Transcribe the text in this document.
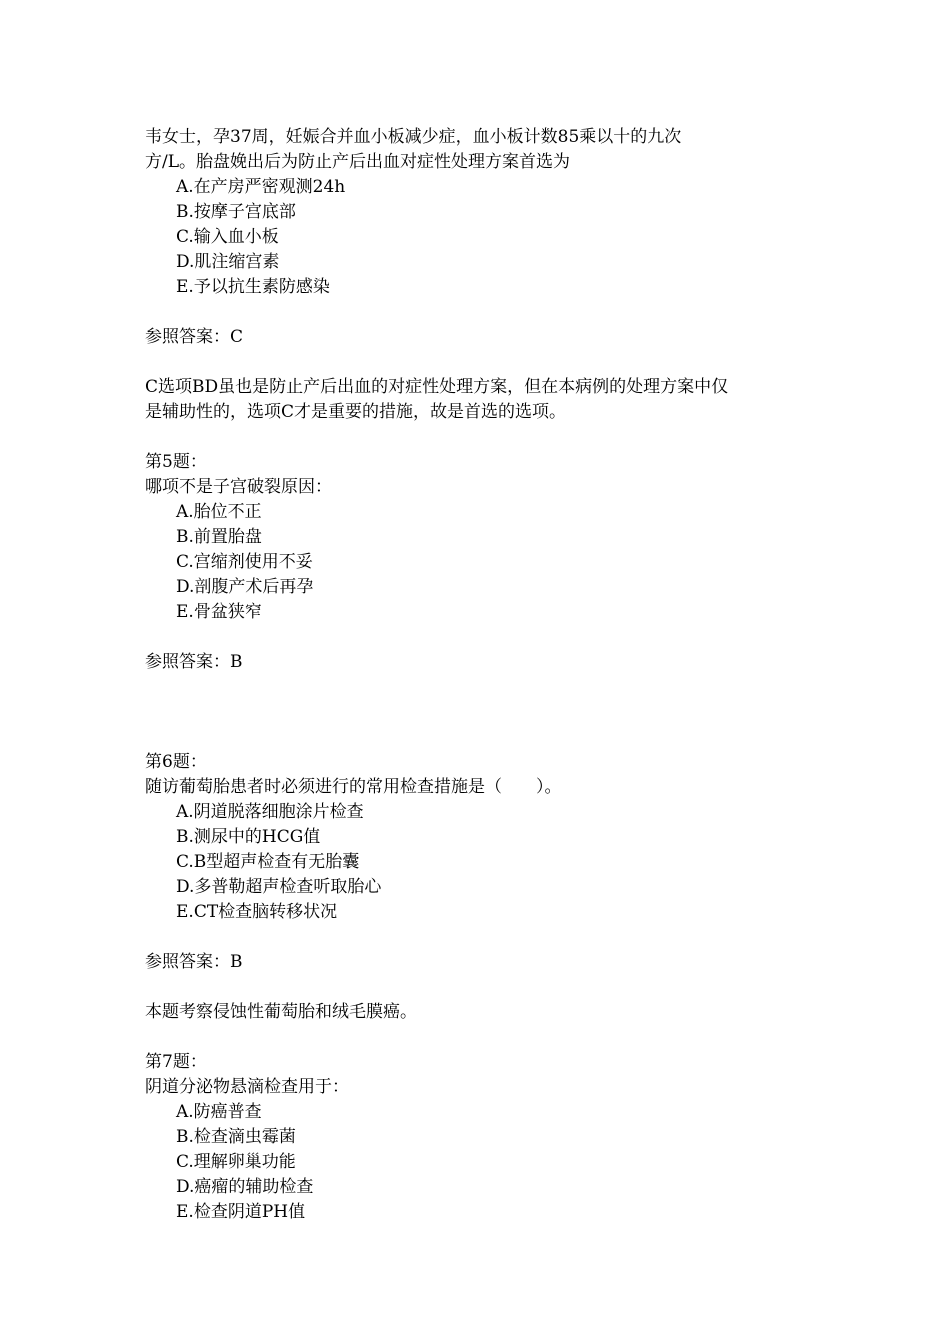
韦女士，孕37周，妊娠合并血小板减少症，血小板计数85乘以十的九次
方/L。胎盘娩出后为防止产后出血对症性处理方案首选为
A.在产房严密观测24h
B.按摩子宫底部
C.输入血小板
D.肌注缩宫素
E.予以抗生素防感染
参照答案：C
C选项BD虽也是防止产后出血的对症性处理方案，但在本病例的处理方案中仅
是辅助性的，选项C才是重要的措施，故是首选的选项。
第5题：
哪项不是子宫破裂原因：
A.胎位不正
B.前置胎盘
C.宫缩剂使用不妥
D.剖腹产术后再孕
E.骨盆狭窄
参照答案：B
第6题：
随访葡萄胎患者时必须进行的常用检查措施是（　　）。
A.阴道脱落细胞涂片检查
B.测尿中的HCG值
C.B型超声检查有无胎囊
D.多普勒超声检查听取胎心
E.CT检查脑转移状况
参照答案：B
本题考察侵蚀性葡萄胎和绒毛膜癌。
第7题：
阴道分泌物悬滴检查用于：
A.防癌普查
B.检查滴虫霉菌
C.理解卵巢功能
D.癌瘤的辅助检查
E.检查阴道PH值
